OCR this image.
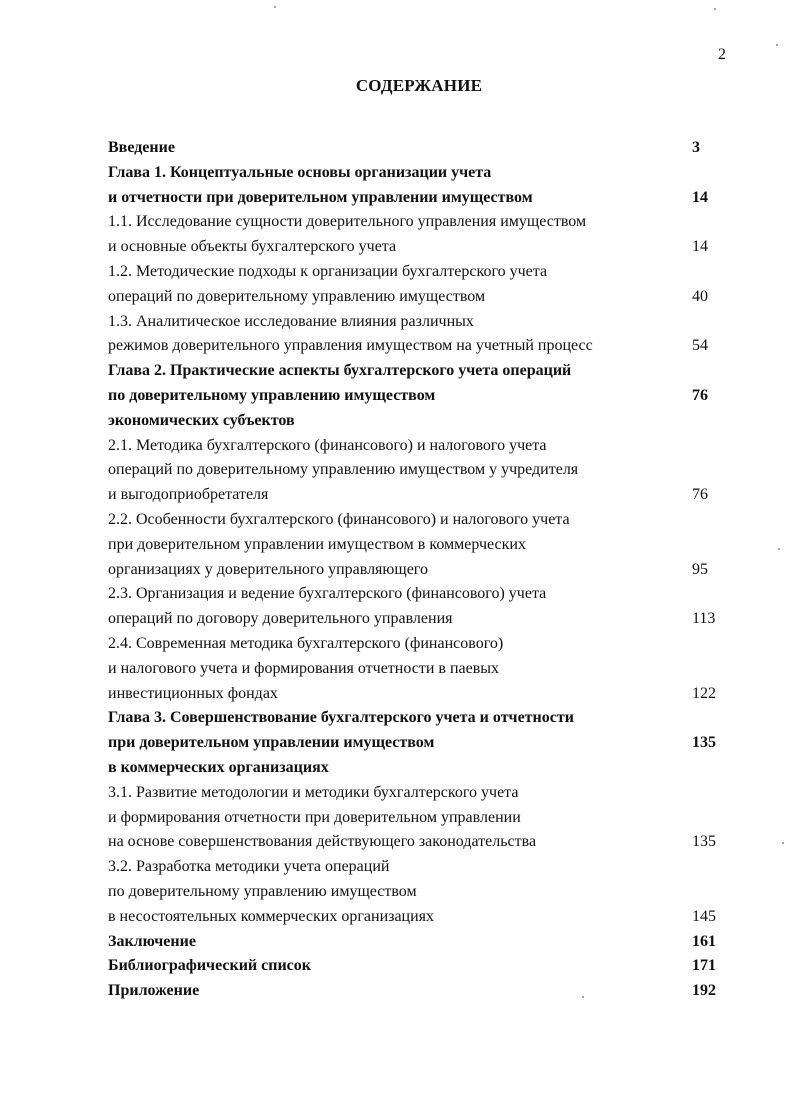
2
СОДЕРЖАНИЕ
Введение	3
Глава 1. Концептуальные основы организации учета
и отчетности при доверительном управлении имуществом	14
1.1. Исследование сущности доверительного управления имуществом
и основные объекты бухгалтерского учета	14
1.2. Методические подходы к организации бухгалтерского учета
операций по доверительному управлению имуществом	40
1.3. Аналитическое исследование влияния различных
режимов доверительного управления имуществом на учетный процесс	54
Глава 2. Практические аспекты бухгалтерского учета операций
по доверительному управлению имуществом	76
экономических субъектов
2.1. Методика бухгалтерского (финансового) и налогового учета
операций по доверительному управлению имуществом у учредителя
и выгодоприобретателя	76
2.2. Особенности бухгалтерского (финансового) и налогового учета
при доверительном управлении имуществом в коммерческих
организациях у доверительного управляющего	95
2.3. Организация и ведение бухгалтерского (финансового) учета
операций по договору доверительного управления	113
2.4. Современная методика бухгалтерского (финансового)
и налогового учета и формирования отчетности в паевых
инвестиционных фондах	122
Глава 3. Совершенствование бухгалтерского учета и отчетности
при доверительном управлении имуществом	135
в коммерческих организациях
3.1. Развитие методологии и методики бухгалтерского учета
и формирования отчетности при доверительном управлении
на основе совершенствования действующего законодательства	135
3.2. Разработка методики учета операций
по доверительному управлению имуществом
в несостоятельных коммерческих организациях	145
Заключение	161
Библиографический список	171
Приложение	192
